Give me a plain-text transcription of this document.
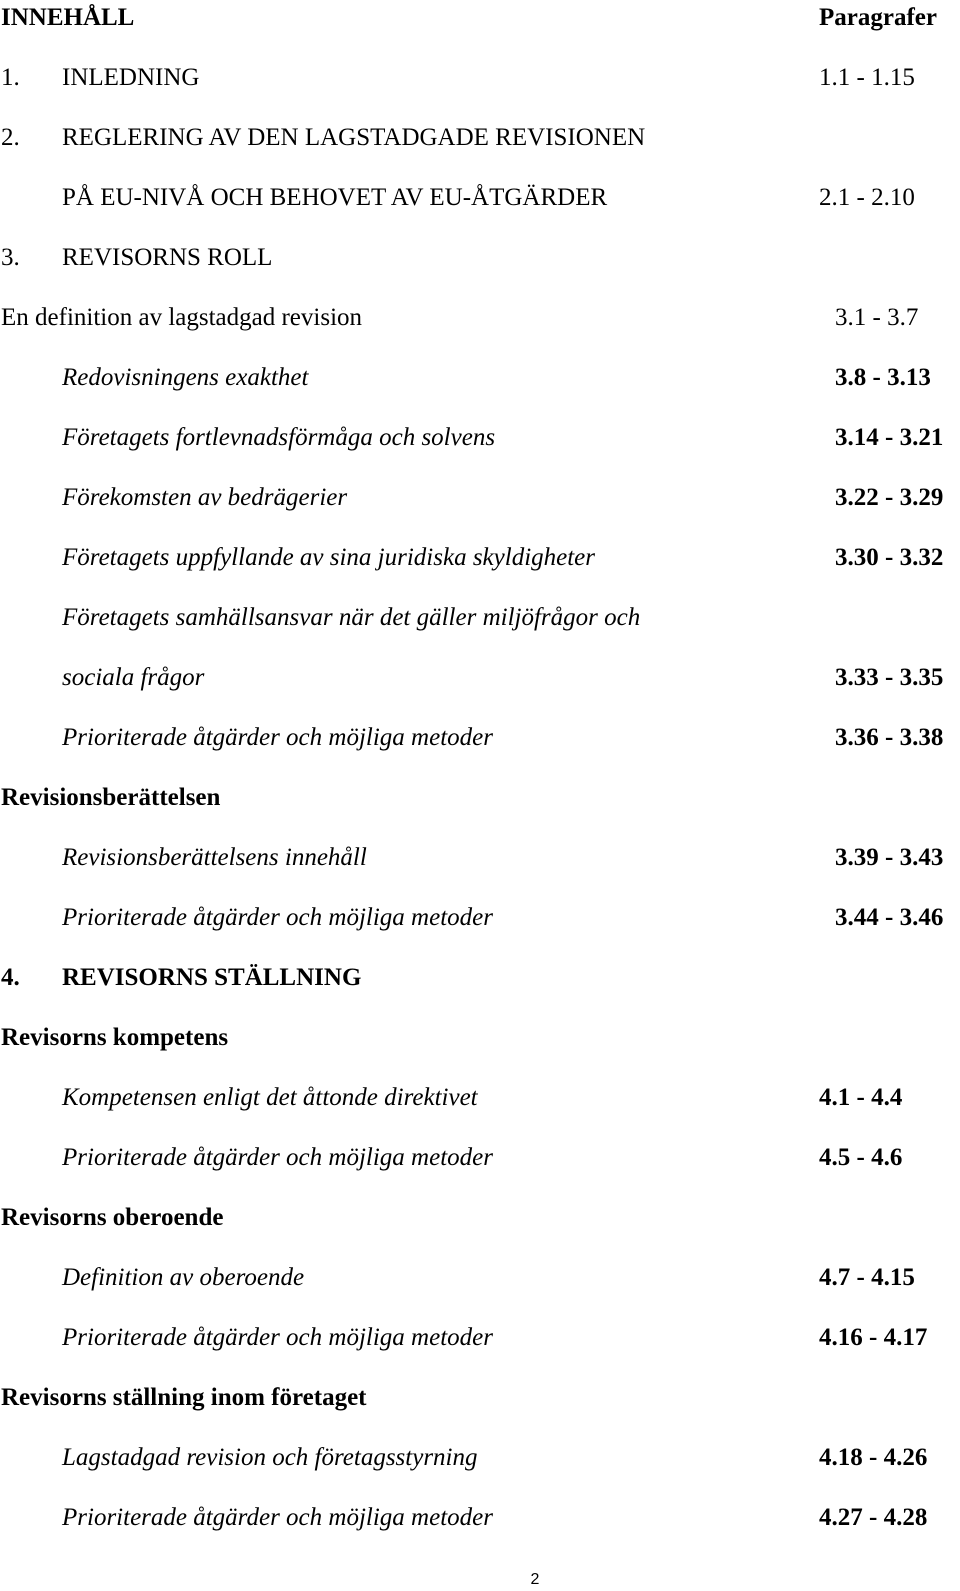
INNEHÅLL	Paragrafer
1. INLEDNING	1.1 - 1.15
2. REGLERING AV DEN LAGSTADGADE REVISIONEN
PÅ EU-NIVÅ OCH BEHOVET AV EU-ÅTGÄRDER	2.1 - 2.10
3. REVISORNS ROLL
En definition av lagstadgad revision	3.1 - 3.7
Redovisningens exakthet	3.8 - 3.13
Företagets fortlevnadsförmåga och solvens	3.14 - 3.21
Förekomsten av bedrägerier	3.22 - 3.29
Företagets uppfyllande av sina juridiska skyldigheter	3.30 - 3.32
Företagets samhällsansvar när det gäller miljöfrågor och
sociala frågor	3.33 - 3.35
Prioriterade åtgärder och möjliga metoder	3.36 - 3.38
Revisionsberättelsen
Revisionsberättelsens innehåll	3.39 - 3.43
Prioriterade åtgärder och möjliga metoder	3.44 - 3.46
4. REVISORNS STÄLLNING
Revisorns kompetens
Kompetensen enligt det åttonde direktivet	4.1 - 4.4
Prioriterade åtgärder och möjliga metoder	4.5 - 4.6
Revisorns oberoende
Definition av oberoende	4.7 - 4.15
Prioriterade åtgärder och möjliga metoder	4.16 - 4.17
Revisorns ställning inom företaget
Lagstadgad revision och företagsstyrning	4.18 - 4.26
Prioriterade åtgärder och möjliga metoder	4.27 - 4.28
2
